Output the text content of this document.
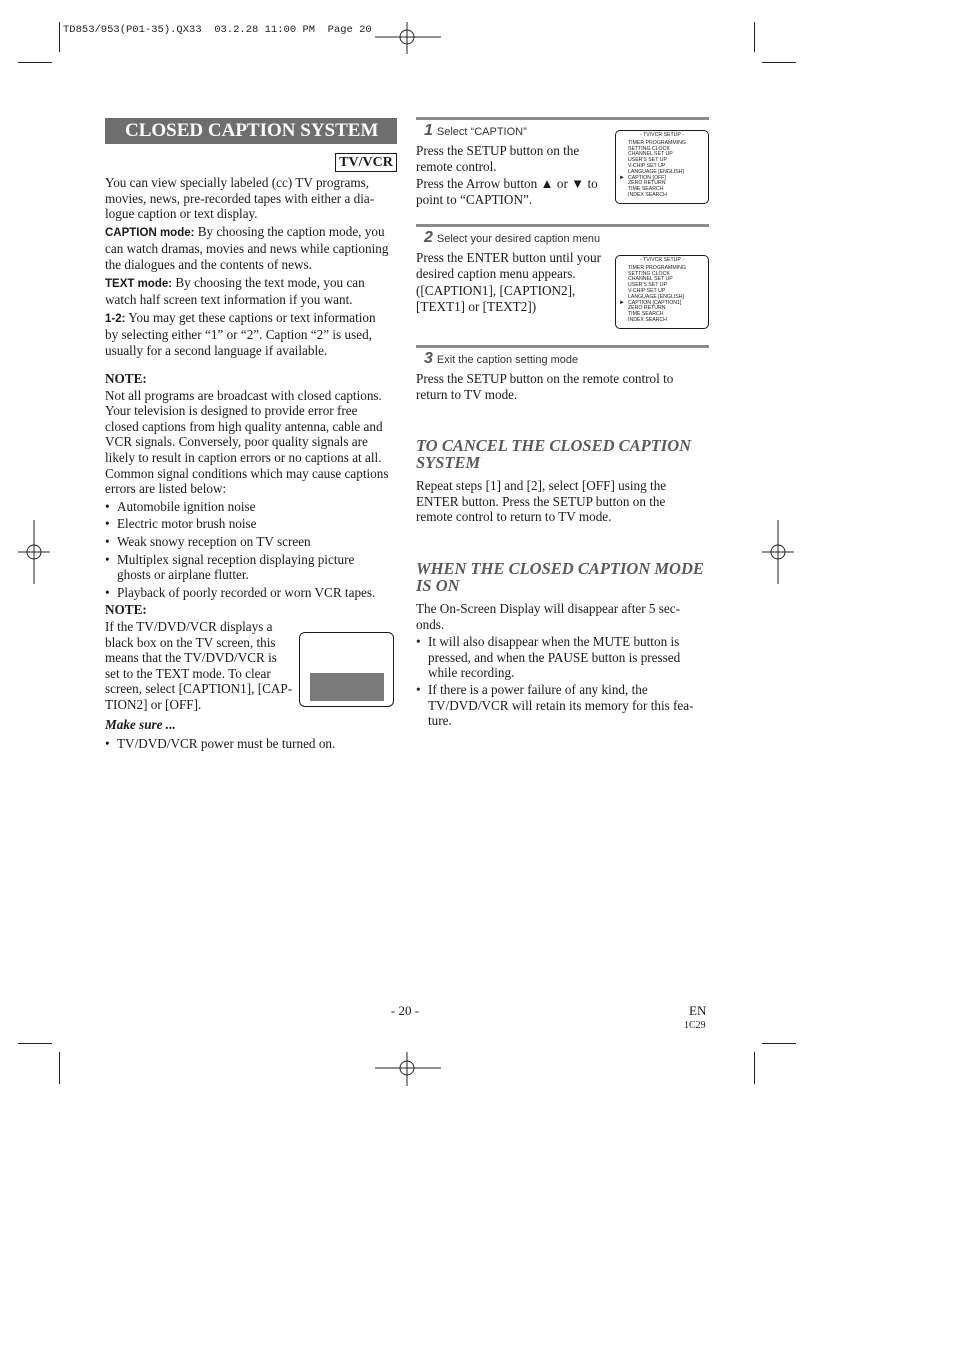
TD853/953(P01-35).QX33  03.2.28 11:00 PM  Page 20
CLOSED CAPTION SYSTEM
TV/VCR
You can view specially labeled (cc) TV programs,
movies, news, pre-recorded tapes with either a dia-
logue caption or text display.
CAPTION mode: By choosing the caption mode, you
can watch dramas, movies and news while captioning
the dialogues and the contents of news.
TEXT mode: By choosing the text mode, you can
watch half screen text information if you want.
1-2: You may get these captions or text information
by selecting either “1” or “2”. Caption “2” is used,
usually for a second language if available.
NOTE:
Not all programs are broadcast with closed captions.
Your television is designed to provide error free
closed captions from high quality antenna, cable and
VCR signals. Conversely, poor quality signals are
likely to result in caption errors or no captions at all.
Common signal conditions which may cause captions
errors are listed below:
• Automobile ignition noise
• Electric motor brush noise
• Weak snowy reception on TV screen
• Multiplex signal reception displaying picture
ghosts or airplane flutter.
• Playback of poorly recorded or worn VCR tapes.
NOTE:
If the TV/DVD/VCR displays a
black box on the TV screen, this
means that the TV/DVD/VCR is
set to the TEXT mode. To clear
screen, select [CAPTION1], [CAP-
TION2] or [OFF].
Make sure ...
• TV/DVD/VCR power must be turned on.
1 Select “CAPTION”
Press the SETUP button on the
remote control.
Press the Arrow button ▲ or ▼ to
point to “CAPTION”.
- TV/VCR SETUP -
TIMER PROGRAMMING
SETTING CLOCK
CHANNEL SET UP
USER'S SET UP
V-CHIP SET UP
LANGUAGE [ENGLISH]
► CAPTION [OFF]
ZERO RETURN
TIME SEARCH
INDEX SEARCH
2 Select your desired caption menu
Press the ENTER button until your
desired caption menu appears.
([CAPTION1], [CAPTION2],
[TEXT1] or [TEXT2])
- TV/VCR SETUP -
TIMER PROGRAMMING
SETTING CLOCK
CHANNEL SET UP
USER'S SET UP
V-CHIP SET UP
LANGUAGE [ENGLISH]
► CAPTION [CAPTION1]
ZERO RETURN
TIME SEARCH
INDEX SEARCH
3 Exit the caption setting mode
Press the SETUP button on the remote control to
return to TV mode.
TO CANCEL THE CLOSED CAPTION
SYSTEM
Repeat steps [1] and [2], select [OFF] using the
ENTER button. Press the SETUP button on the
remote control to return to TV mode.
WHEN THE CLOSED CAPTION MODE
IS ON
The On-Screen Display will disappear after 5 sec-
onds.
• It will also disappear when the MUTE button is
pressed, and when the PAUSE button is pressed
while recording.
• If there is a power failure of any kind, the
TV/DVD/VCR will retain its memory for this fea-
ture.
- 20 -	EN
1C29
